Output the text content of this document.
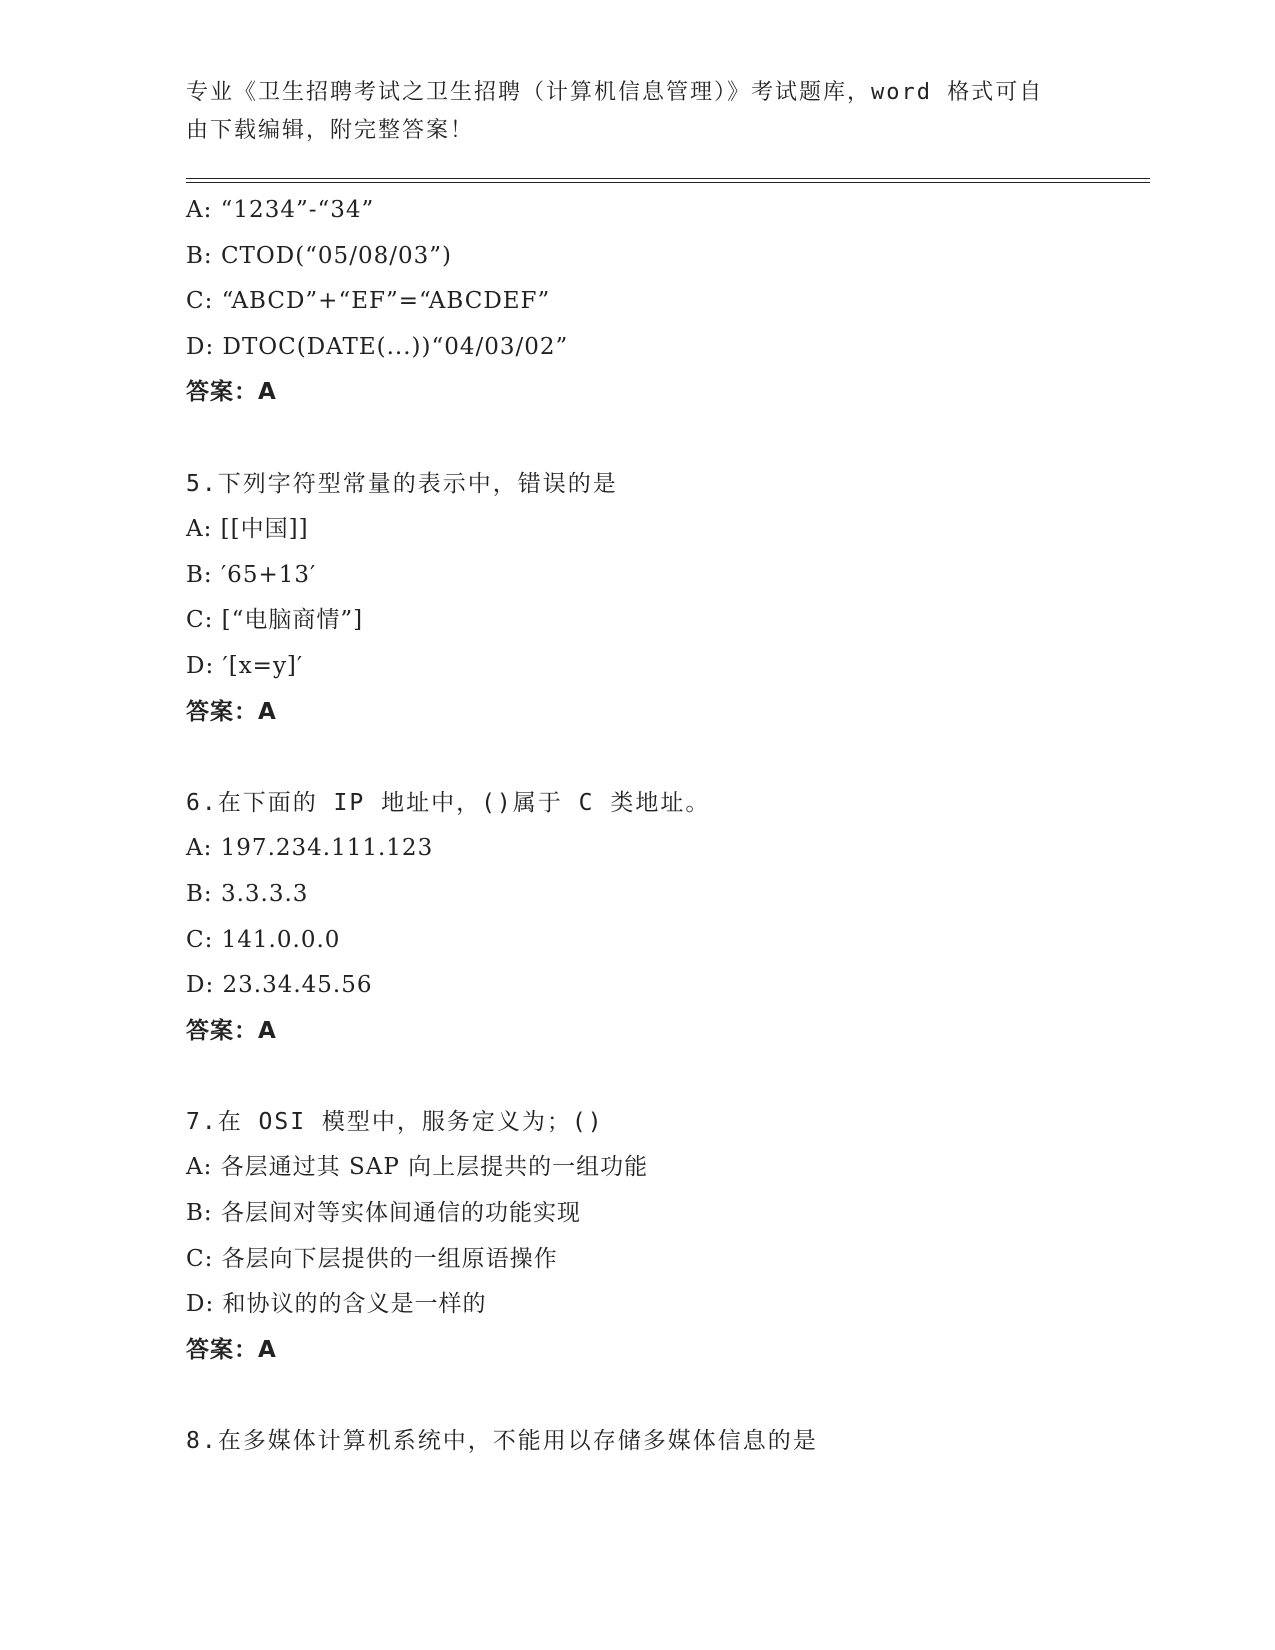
专业《卫生招聘考试之卫生招聘（计算机信息管理）》考试题库，word 格式可自
由下载编辑，附完整答案！
A: “1234”-“34”
B: CTOD(“05/08/03”)
C: “ABCD”+“EF”=“ABCDEF”
D: DTOC(DATE(...))“04/03/02”
答案：A
5.下列字符型常量的表示中，错误的是
A: [[中国]]
B: ′65+13′
C: [“电脑商情”]
D: ′[x=y]′
答案：A
6.在下面的 IP 地址中，()属于 C 类地址。
A: 197.234.111.123
B: 3.3.3.3
C: 141.0.0.0
D: 23.34.45.56
答案：A
7.在 OSI 模型中，服务定义为；()
A: 各层通过其 SAP 向上层提共的一组功能
B: 各层间对等实体间通信的功能实现
C: 各层向下层提供的一组原语操作
D: 和协议的的含义是一样的
答案：A
8.在多媒体计算机系统中，不能用以存储多媒体信息的是
